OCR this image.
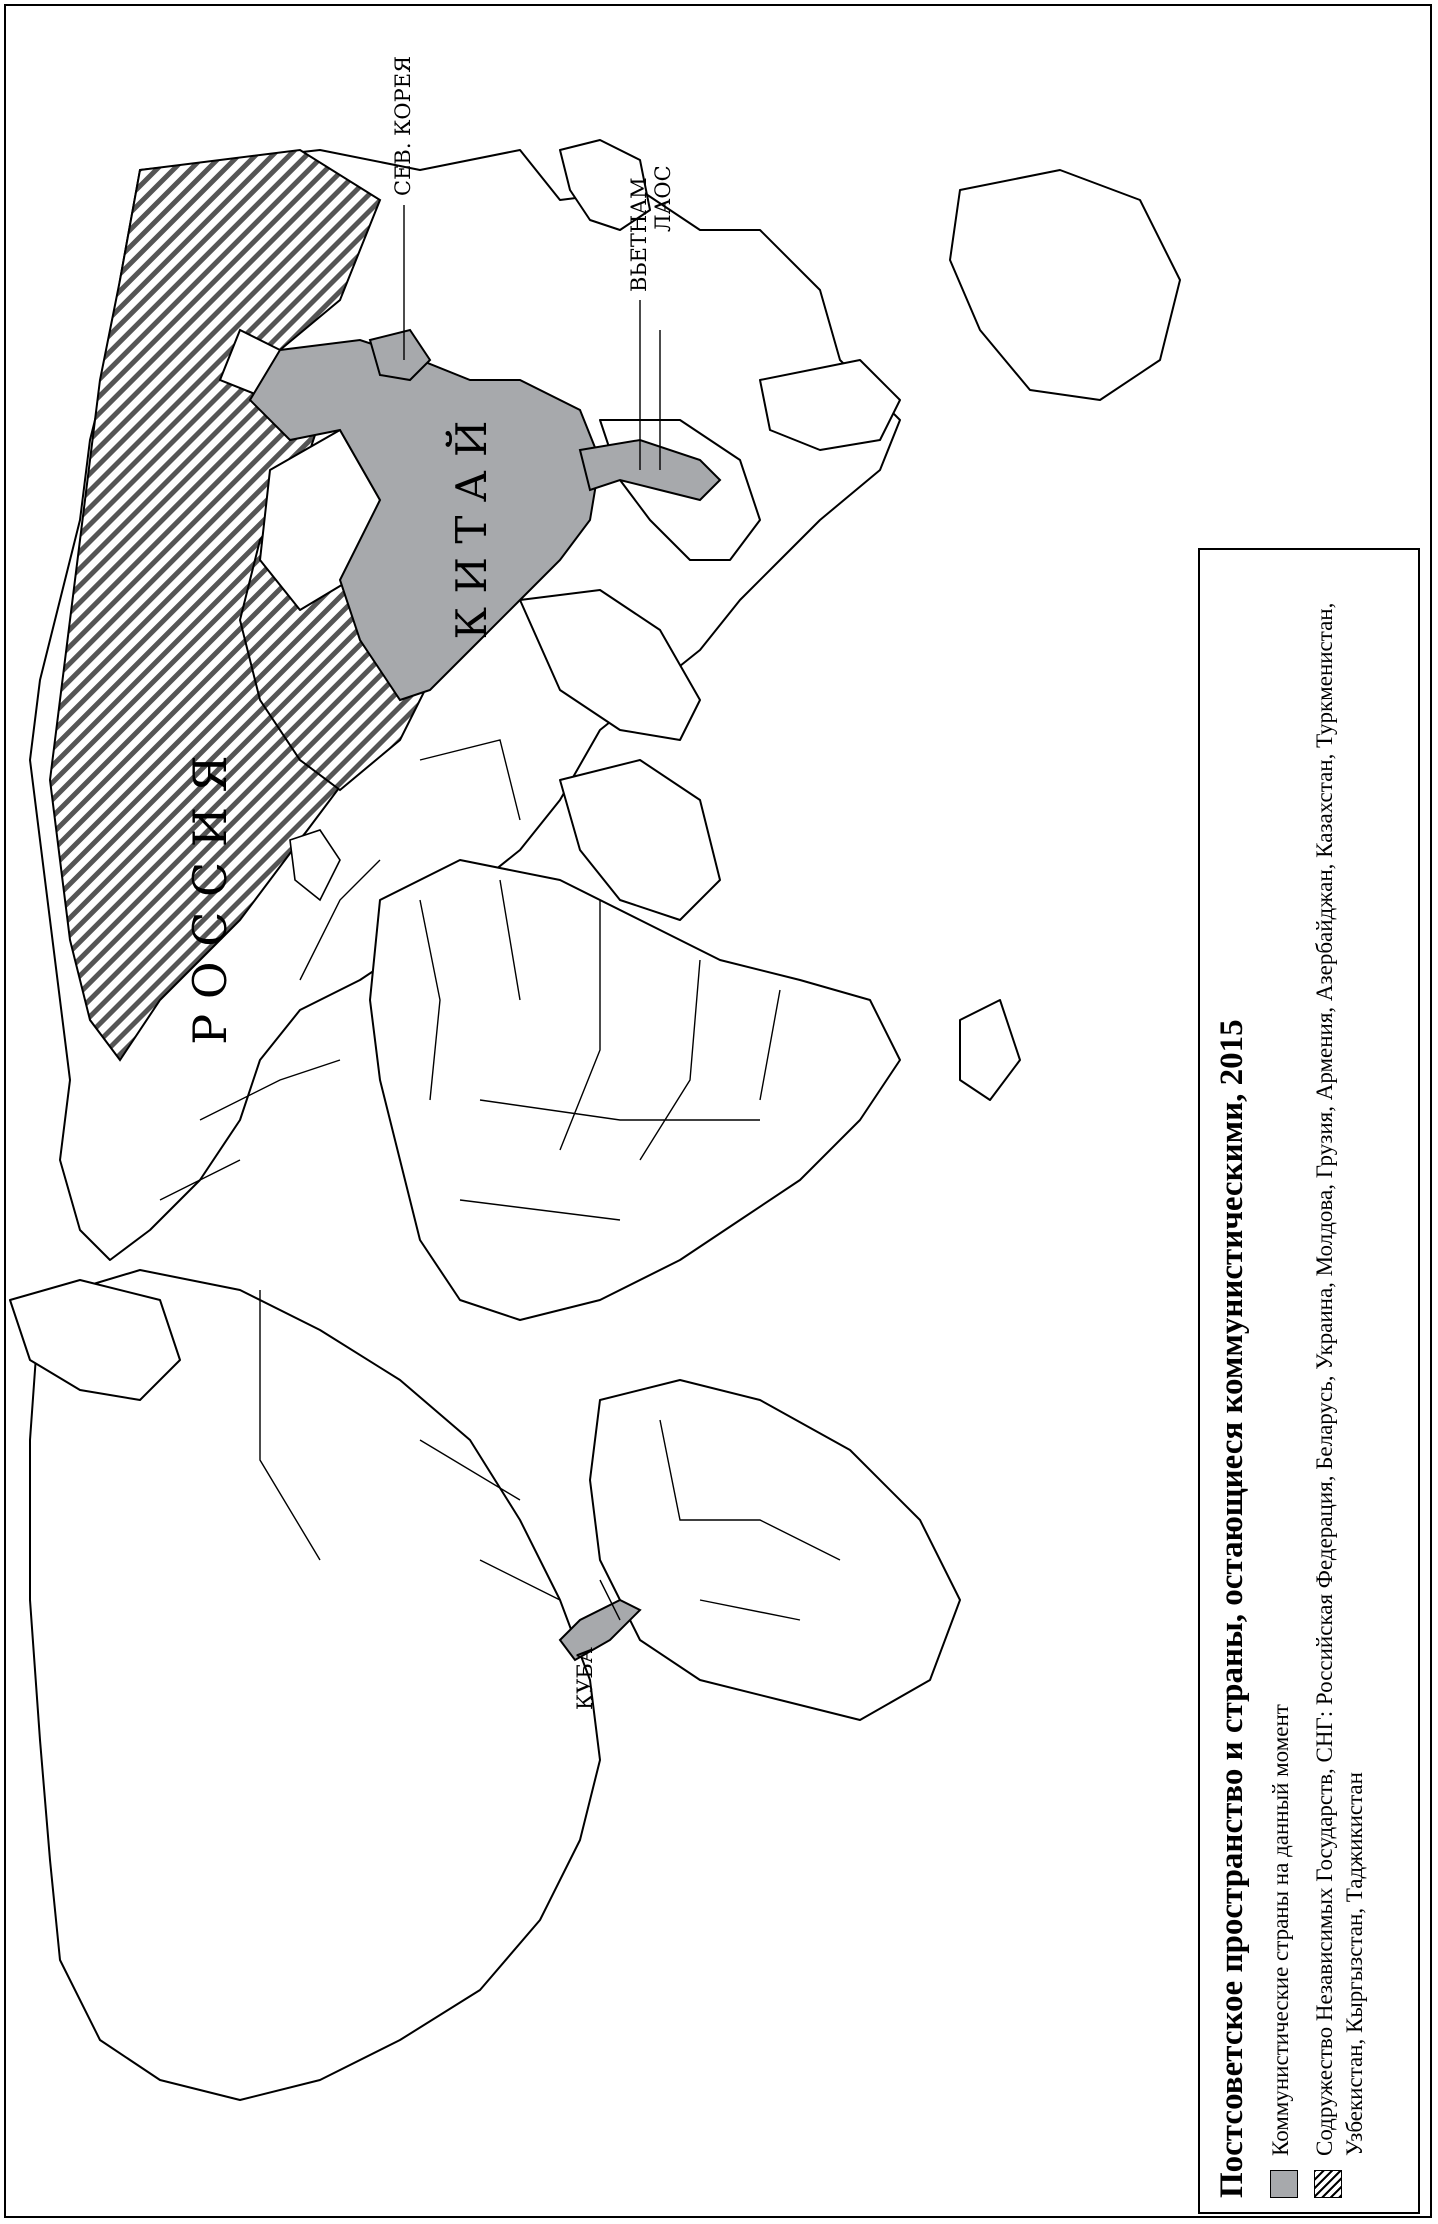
Р О С С И Я
К И Т А Й
СЕВ. КОРЕЯ
ВЬЕТНАМ ЛАОС
КУБА	Постсоветское пространство и страны, остающиеся коммунистическими, 2015 Коммунистические страны на данный момент Содружество Независимых Государств, СНГ: Российская Федерация, Беларусь, Украина, Молдова, Грузия, Армения, Азербайджан, Казахстан, Туркменистан, Узбекистан, Кыргызстан, Таджикистан
